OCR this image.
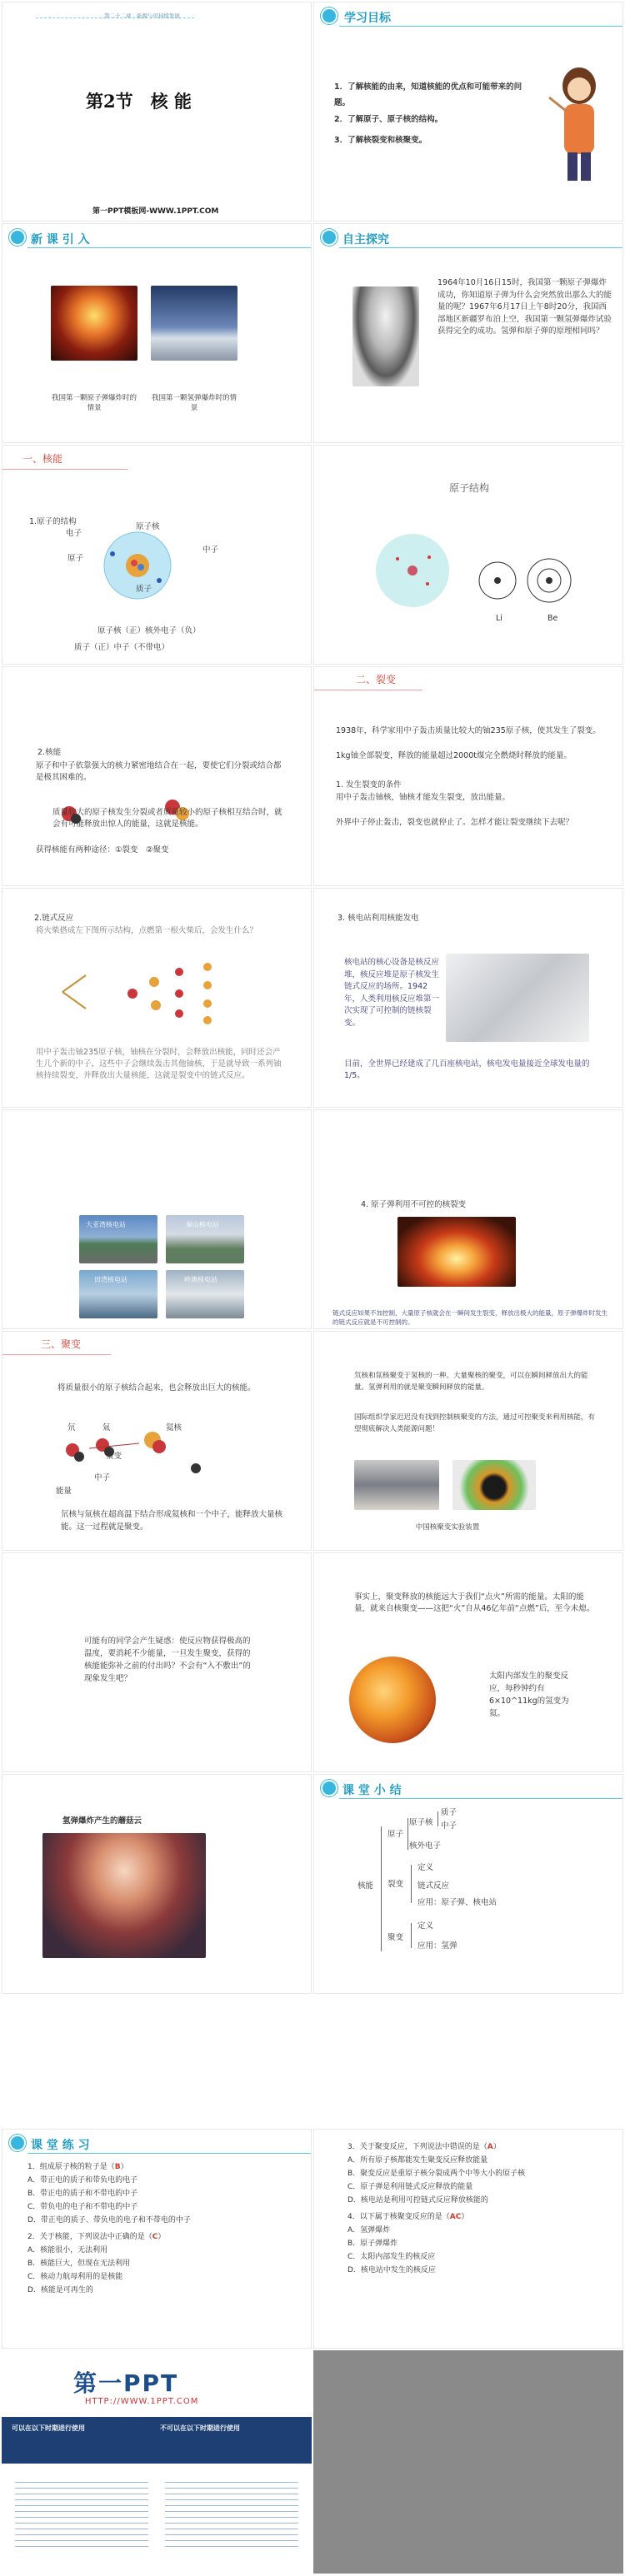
第二十二章　能源与可持续发展
第2节　核 能
第一PPT模板网-WWW.1PPT.COM
学习目标
1．了解核能的由来，知道核能的优点和可能带来的问题。
2．了解原子、原子核的结构。
3．了解核裂变和核聚变。
新 课 引 入
我国第一颗原子弹爆炸时的情景
我国第一颗氢弹爆炸时的情景
自主探究
1964年10月16日15时，我国第一颗原子弹爆炸成功，你知道原子弹为什么会突然放出那么大的能量的呢？1967年6月17日上午8时20分，我国西部地区新疆罗布泊上空，我国第一颗氢弹爆炸试验获得完全的成功。氢弹和原子弹的原理相同吗？
一、核能
1.原子的结构
原子核
电子
原子
中子
质子
原子核（正）核外电子（负）
质子（正）中子（不带电）
原子结构
Li	Be
2.核能
原子和中子依靠强大的核力紧密地结合在一起，要使它们分裂或结合都是极其困难的。
质量较大的原子核发生分裂或者质量较小的原子核相互结合时，就会有可能释放出惊人的能量，这就是核能。
获得核能有两种途径：①裂变　②聚变
二、裂变
1938年，科学家用中子轰击质量比较大的铀235原子核，使其发生了裂变。
1kg铀全部裂变，释放的能量超过2000t煤完全燃烧时释放的能量。
1. 发生裂变的条件
用中子轰击铀核，铀核才能发生裂变，放出能量。
外界中子停止轰击，裂变也就停止了。怎样才能让裂变继续下去呢？
2.链式反应
将火柴搭成左下图所示结构，点燃第一根火柴后，会发生什么？
用中子轰击铀235原子核，铀核在分裂时，会释放出核能，同时还会产生几个新的中子，这些中子会继续轰击其他铀核，于是就导致一系列铀核持续裂变，并释放出大量核能，这就是裂变中的链式反应。
3. 核电站利用核能发电
核电站的核心设备是核反应堆，核反应堆是原子核发生链式反应的场所。1942年，人类利用核反应堆第一次实现了可控制的链核裂变。
目前，全世界已经建成了几百座核电站，核电发电量接近全球发电量的1/5。
大亚湾核电站	秦山核电站
田湾核电站	岭澳核电站
4. 原子弹利用不可控的核裂变
链式反应如果不加控制，大量原子核就会在一瞬间发生裂变，释放出极大的能量，原子弹爆炸时发生的链式反应就是不可控制的。
三、聚变
将质量很小的原子核结合起来，也会释放出巨大的核能。
氘	氚	氦核
聚变
中子
能量
氘核与氚核在超高温下结合形成氦核和一个中子，能释放大量核能。这一过程就是聚变。
氘核和氚核聚变于氢核的一种。大量聚核的聚变，可以在瞬间释放出大的能量。氢弹利用的就是聚变瞬间释放的能量。
国际组织学家迟迟没有找到控制核聚变的方法，通过可控聚变来利用核能，有望彻底解决人类能源问题！
中国核聚变实验装置
可能有的同学会产生疑惑：使反应物获得极高的温度，要消耗不少能量，一旦发生聚变，获得的核能能弥补之前的付出吗？不会有“入不敷出”的现象发生吧？
事实上，聚变释放的核能远大于我们“点火”所需的能量。太阳的能量，就来自核聚变——这把“火”自从46亿年前“点燃”后，至今未熄。
太阳内部发生的聚变反应，每秒钟约有6×10^11kg的氢变为氦。
氢弹爆炸产生的蘑菇云
课 堂 小 结
核能
原子
原子核
质子
中子
核外电子
裂变
定义
链式反应
应用：原子弹、核电站
聚变
定义
应用：氢弹
课 堂 练 习
1．组成原子核的粒子是（B）
A．带正电的质子和带负电的电子
B．带正电的质子和不带电的中子
C．带负电的电子和不带电的中子
D．带正电的质子、带负电的电子和不带电的中子
2．关于核能，下列说法中正确的是（C）
A．核能很小，无法利用
B．核能巨大，但现在无法利用
C．核动力航母利用的是核能
D．核能是可再生的
3．关于聚变反应，下列说法中错误的是（A）
A．所有原子核都能发生聚变反应释放能量
B．聚变反应是重原子核分裂成两个中等大小的原子核
C．原子弹是利用链式反应释放的能量
D．核电站是利用可控链式反应释放核能的
4．以下属于核聚变反应的是（AC）
A．氢弹爆炸
B．原子弹爆炸
C．太阳内部发生的核反应
D．核电站中发生的核反应
第一PPT
HTTP://WWW.1PPT.COM
可以在以下时期进行使用	不可以在以下时期进行使用
